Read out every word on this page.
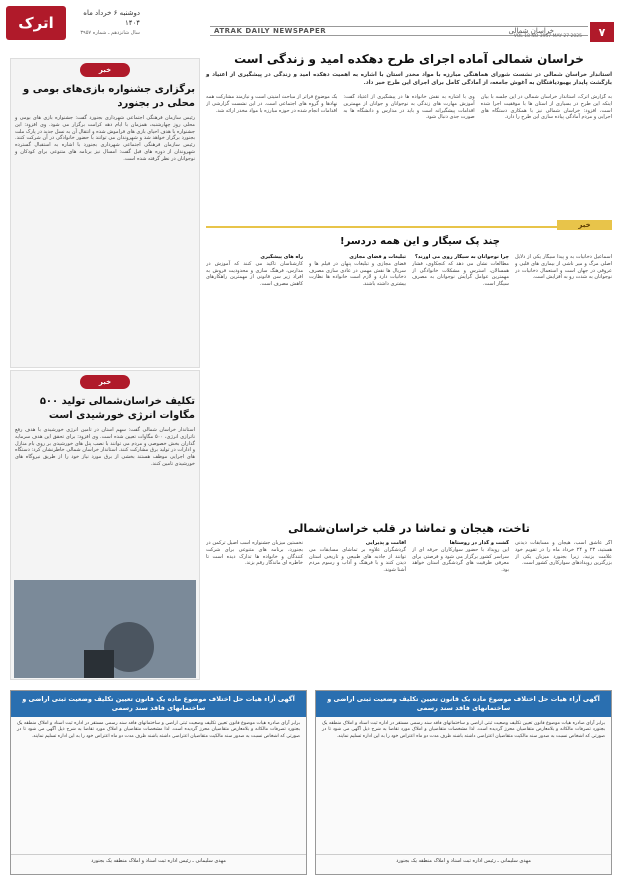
اترک
دوشنبه ۶ خرداد ماه ۱۴۰۴
سال شانزدهم ـ شماره ۳۹۵۷	ATRAK DAILY NEWSPAPER	خراسان شمالی
VOL 18 NO 3957 MAY 27 2025	۷
خراسان شمالی آماده اجرای طرح دهکده امید و زندگی است
استاندار خراسان شمالی در نشست شورای هماهنگی مبارزه با مواد مخدر استان با اشاره به اهمیت دهکده امید و زندگی در پیشگیری از اعتیاد و بازگشت پایدار بهبودیافتگان به آغوش جامعه، از آمادگی کامل برای اجرای این طرح خبر داد.
به گزارش اترک، استاندار خراسان شمالی در این جلسه با بیان اینکه این طرح در بسیاری از استان ها با موفقیت اجرا شده است، افزود: خراسان شمالی نیز با همکاری دستگاه های اجرایی و مردم آمادگی پیاده سازی این طرح را دارد.
وی با اشاره به نقش خانواده ها در پیشگیری از اعتیاد گفت: آموزش مهارت های زندگی به نوجوانان و جوانان از مهمترین اقدامات پیشگیرانه است و باید در مدارس و دانشگاه ها به صورت جدی دنبال شود.
یک موضوع فراتر از مباحث امنیتی است و نیازمند مشارکت همه نهادها و گروه های اجتماعی است. در این نشست گزارشی از اقدامات انجام شده در حوزه مبارزه با مواد مخدر ارائه شد.
خبر
چند پک سیگار و این همه دردسر!
اسماعیل دخانیات به و پیدا سیگار یکی از دلایل اصلی مرگ و میر ناشی از بیماری های قلبی و عروقی در جهان است و استعمال دخانیات در نوجوانان به شدت رو به افزایش است.
چرا نوجوانان به سیگار روی می آورند؟
مطالعات نشان می دهد که کنجکاوی، فشار همسالان، استرس و مشکلات خانوادگی از مهمترین عوامل گرایش نوجوانان به مصرف سیگار است.
تبلیغات و فضای مجازی
فضای مجازی و تبلیغات پنهان در فیلم ها و سریال ها نقش مهمی در عادی سازی مصرف دخانیات دارد و لازم است خانواده ها نظارت بیشتری داشته باشند.
راه های پیشگیری
کارشناسان تاکید می کنند که آموزش در مدارس، فرهنگ سازی و محدودیت فروش به افراد زیر سن قانونی از مهمترین راهکارهای کاهش مصرف است.
خبر
برگزاری جشنواره بازی‌های بومی و محلی در بجنورد
رئیس سازمان فرهنگی اجتماعی شهرداری بجنورد گفت: جشنواره بازی های بومی و محلی روز چهارشنبه، همزمان با ایام دهه کرامت برگزار می شود. وی افزود: این جشنواره با هدف احیای بازی های فراموش شده و انتقال آن به نسل جدید در پارک ملت بجنورد برگزار خواهد شد و شهروندان می توانند با حضور خانوادگی در آن شرکت کنند. رئیس سازمان فرهنگی اجتماعی شهرداری بجنورد با اشاره به استقبال گسترده شهروندان از دوره های قبل گفت: امسال نیز برنامه های متنوعی برای کودکان و نوجوانان در نظر گرفته شده است.
خبر
تکلیف خراسان‌شمالی تولید ۵۰۰ مگاوات انرژی خورشیدی است
استاندار خراسان شمالی گفت: سهم استان در تامین انرژی خورشیدی با هدف رفع ناترازی انرژی، ۵۰۰ مگاوات تعیین شده است. وی افزود: برای تحقق این هدف سرمایه گذاران بخش خصوصی و مردم می توانند با نصب پنل های خورشیدی بر روی بام منازل و ادارات در تولید برق مشارکت کنند. استاندار خراسان شمالی خاطرنشان کرد: دستگاه های اجرایی موظف هستند بخشی از برق مورد نیاز خود را از طریق نیروگاه های خورشیدی تامین کنند.
تاخت، هیجان و تماشا در قلب خراسان‌شمالی
اگر عاشق اسب، هیجان و مسابقات دیدنی هستید، ۲۳ و ۲۴ خرداد ماه را در تقویم خود علامت بزنید، زیرا بجنورد میزبان یکی از بزرگترین رویدادهای سوارکاری کشور است.
گشت و گذار در روستاها
این رویداد با حضور سوارکاران حرفه ای از سراسر کشور برگزار می شود و فرصتی برای معرفی ظرفیت های گردشگری استان خواهد بود.
اقامت و پذیرایی
گردشگران علاوه بر تماشای مسابقات می توانند از جاذبه های طبیعی و تاریخی استان دیدن کنند و با فرهنگ و آداب و رسوم مردم آشنا شوند.
نخستین میزبان جشنواره اسب اصیل ترکمن در بجنورد، برنامه های متنوعی برای شرکت کنندگان و خانواده ها تدارک دیده است تا خاطره ای ماندگار رقم بزند.
آگهی آراء هیات حل اختلاف موضوع ماده یک قانون تعیین تکلیف وضعیت ثبتی اراضی و ساختمانهای فاقد سند رسمی
برابر آرای صادره هیات موضوع قانون تعیین تکلیف وضعیت ثبتی اراضی و ساختمانهای فاقد سند رسمی مستقر در اداره ثبت اسناد و املاک منطقه یک بجنورد تصرفات مالکانه و بلامعارض متقاضیان محرز گردیده است. لذا مشخصات متقاضیان و املاک مورد تقاضا به شرح ذیل آگهی می شود تا در صورتی که اشخاص نسبت به صدور سند مالکیت متقاضیان اعتراضی داشته باشند ظرف مدت دو ماه اعتراض خود را به این اداره تسلیم نمایند.
مهدی سلیمانی ـ رئیس اداره ثبت اسناد و املاک منطقه یک بجنورد
آگهی آراء هیات حل اختلاف موضوع ماده یک قانون تعیین تکلیف وضعیت ثبتی اراضی و ساختمانهای فاقد سند رسمی
برابر آرای صادره هیات موضوع قانون تعیین تکلیف وضعیت ثبتی اراضی و ساختمانهای فاقد سند رسمی مستقر در اداره ثبت اسناد و املاک منطقه یک بجنورد تصرفات مالکانه و بلامعارض متقاضیان محرز گردیده است. لذا مشخصات متقاضیان و املاک مورد تقاضا به شرح ذیل آگهی می شود تا در صورتی که اشخاص نسبت به صدور سند مالکیت متقاضیان اعتراضی داشته باشند ظرف مدت دو ماه اعتراض خود را به این اداره تسلیم نمایند.
مهدی سلیمانی ـ رئیس اداره ثبت اسناد و املاک منطقه یک بجنورد
